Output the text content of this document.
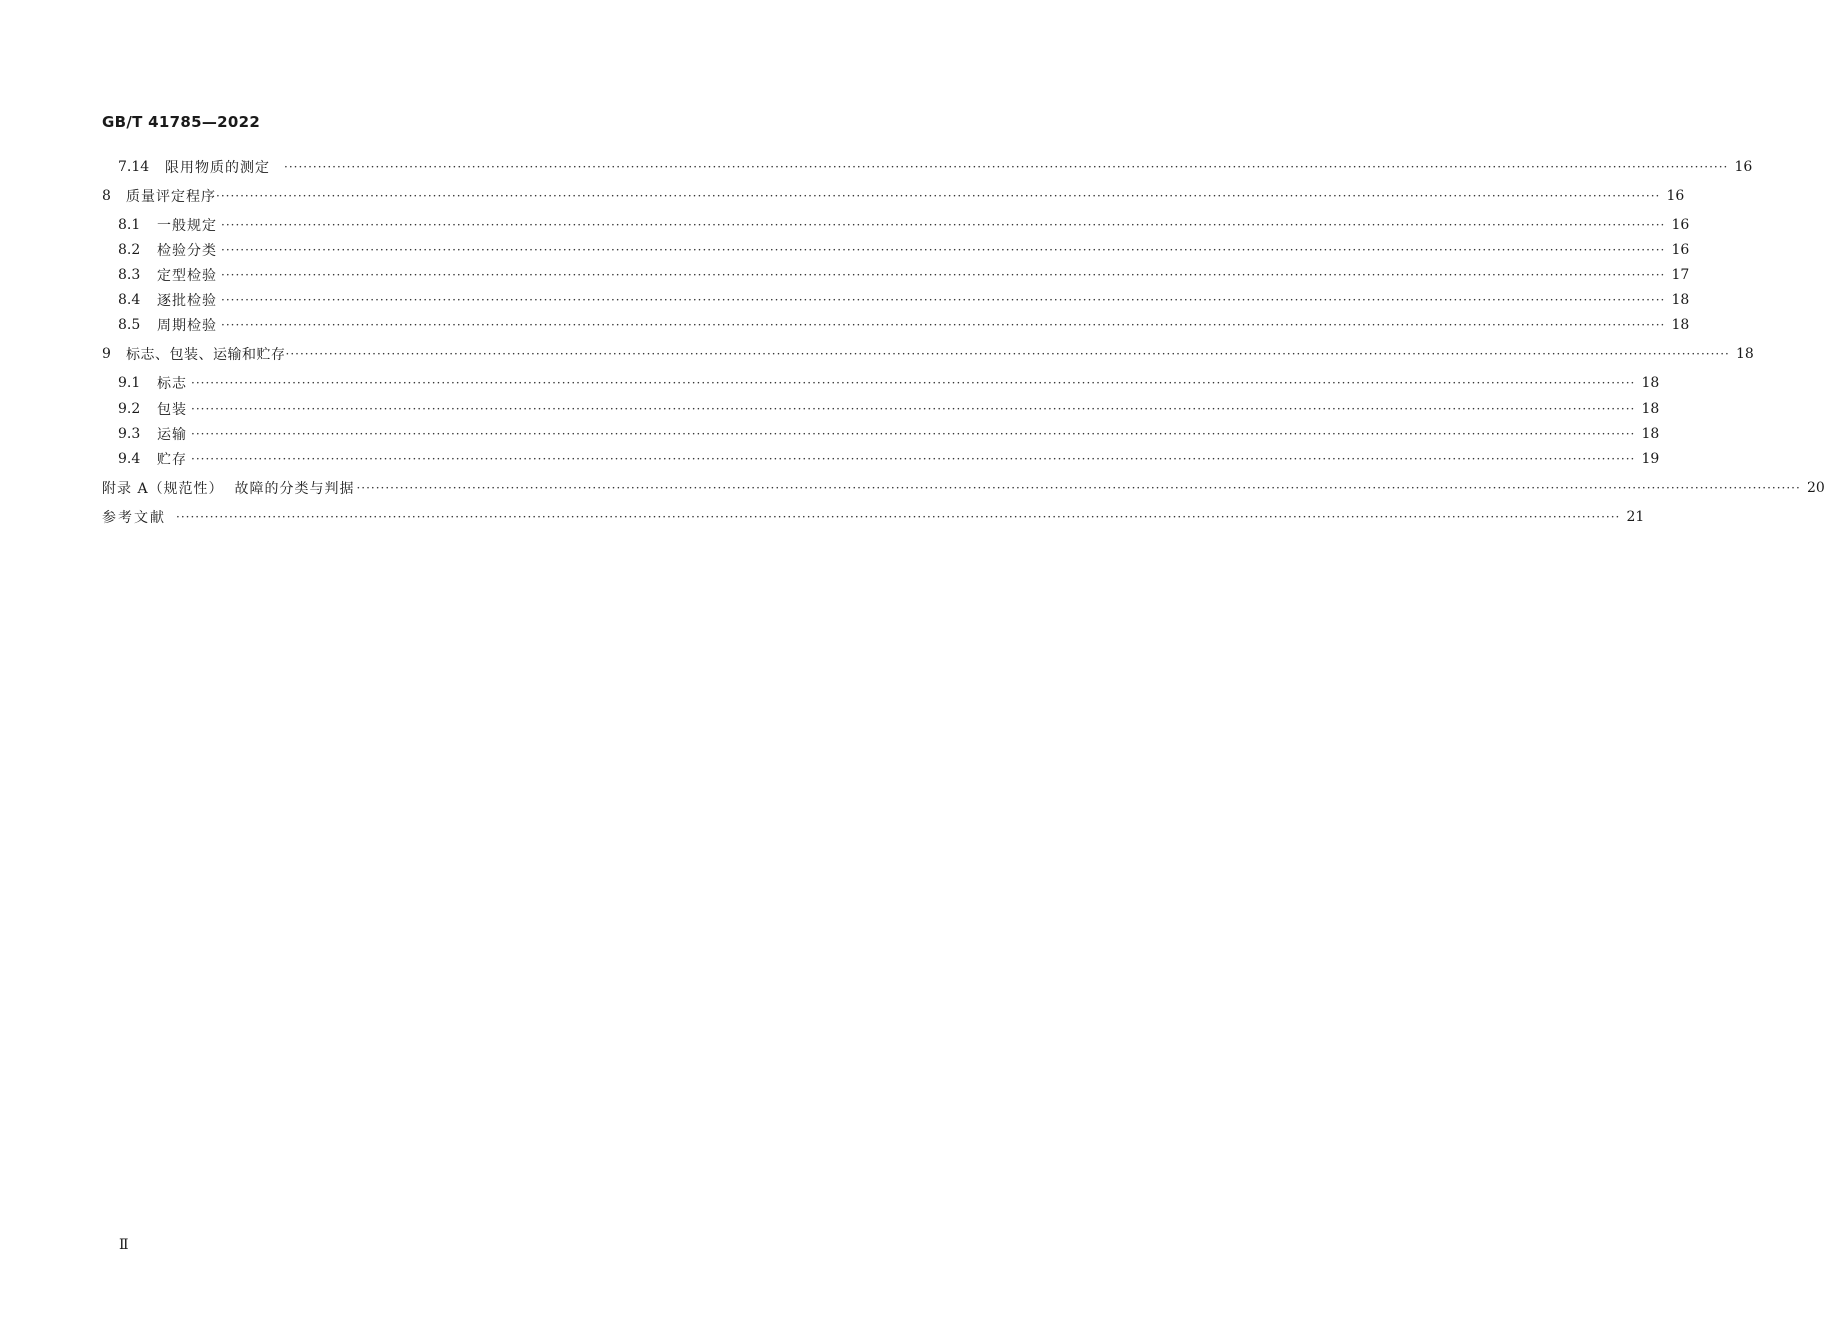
GB/T 41785—2022
7.14	限用物质的测定 ············································································································································································································································································································ 16
8	质量评定程序 ············································································································································································································································································································ 16
8.1	一般规定 ············································································································································································································································································································ 16
8.2	检验分类 ············································································································································································································································································································ 16
8.3	定型检验 ············································································································································································································································································································ 17
8.4	逐批检验 ············································································································································································································································································································ 18
8.5	周期检验 ············································································································································································································································································································ 18
9	标志、包装、运输和贮存 ············································································································································································································································································································ 18
9.1	标志 ············································································································································································································································································································ 18
9.2	包装 ············································································································································································································································································································ 18
9.3	运输 ············································································································································································································································································································ 18
9.4	贮存 ············································································································································································································································································································ 19
附录 A （规范性）  故障的分类与判据 ············································································································································································································································································································ 20
参考文献 ············································································································································································································································································································ 21
Ⅱ
